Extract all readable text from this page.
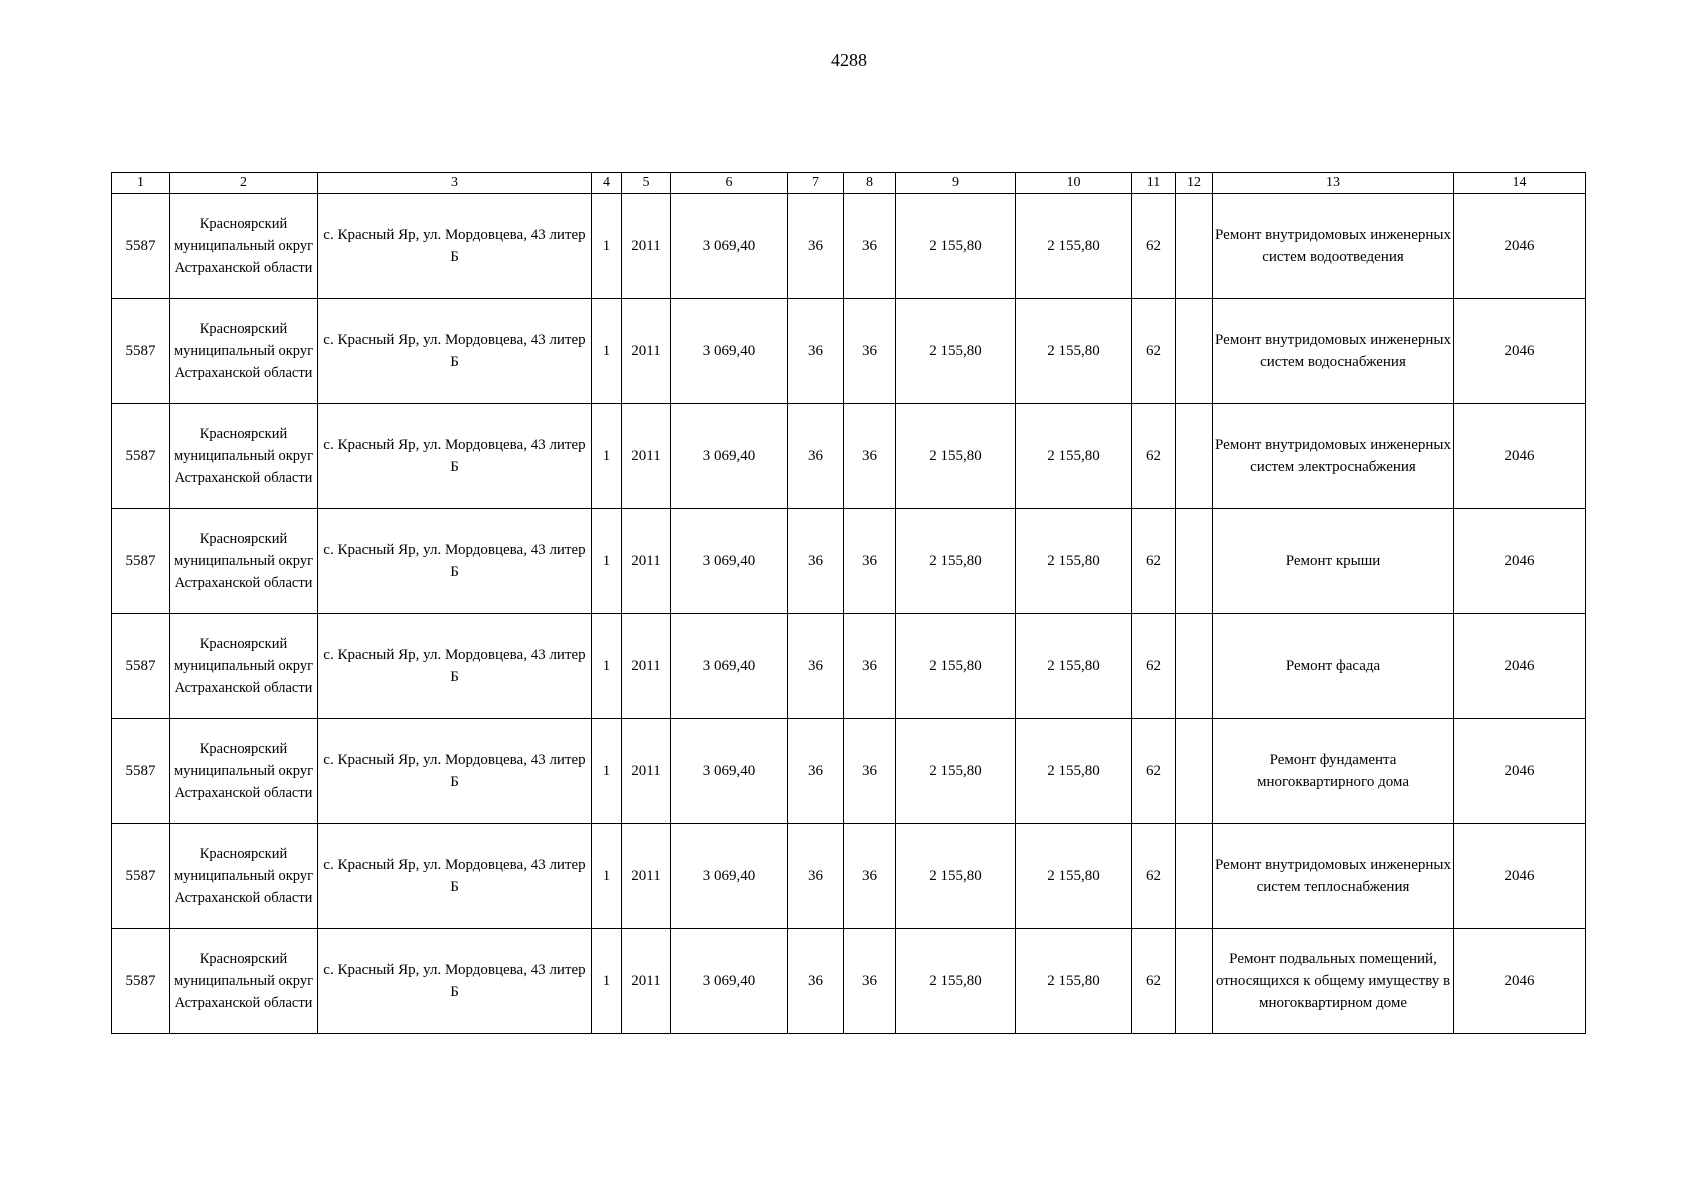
4288
1	2	3	4	5	6	7	8	9	10	11	12	13	14
5587	Красноярский муниципальный округ Астраханской области	с. Красный Яр, ул. Мордовцева, 43 литер Б	1	2011	3 069,40	36	36	2 155,80	2 155,80	62		Ремонт внутридомовых инженерных систем водоотведения	2046
5587	Красноярский муниципальный округ Астраханской области	с. Красный Яр, ул. Мордовцева, 43 литер Б	1	2011	3 069,40	36	36	2 155,80	2 155,80	62		Ремонт внутридомовых инженерных систем водоснабжения	2046
5587	Красноярский муниципальный округ Астраханской области	с. Красный Яр, ул. Мордовцева, 43 литер Б	1	2011	3 069,40	36	36	2 155,80	2 155,80	62		Ремонт внутридомовых инженерных систем электроснабжения	2046
5587	Красноярский муниципальный округ Астраханской области	с. Красный Яр, ул. Мордовцева, 43 литер Б	1	2011	3 069,40	36	36	2 155,80	2 155,80	62		Ремонт крыши	2046
5587	Красноярский муниципальный округ Астраханской области	с. Красный Яр, ул. Мордовцева, 43 литер Б	1	2011	3 069,40	36	36	2 155,80	2 155,80	62		Ремонт фасада	2046
5587	Красноярский муниципальный округ Астраханской области	с. Красный Яр, ул. Мордовцева, 43 литер Б	1	2011	3 069,40	36	36	2 155,80	2 155,80	62		Ремонт фундамента многоквартирного дома	2046
5587	Красноярский муниципальный округ Астраханской области	с. Красный Яр, ул. Мордовцева, 43 литер Б	1	2011	3 069,40	36	36	2 155,80	2 155,80	62		Ремонт внутридомовых инженерных систем теплоснабжения	2046
5587	Красноярский муниципальный округ Астраханской области	с. Красный Яр, ул. Мордовцева, 43 литер Б	1	2011	3 069,40	36	36	2 155,80	2 155,80	62		Ремонт подвальных помещений, относящихся к общему имуществу в многоквартирном доме	2046
